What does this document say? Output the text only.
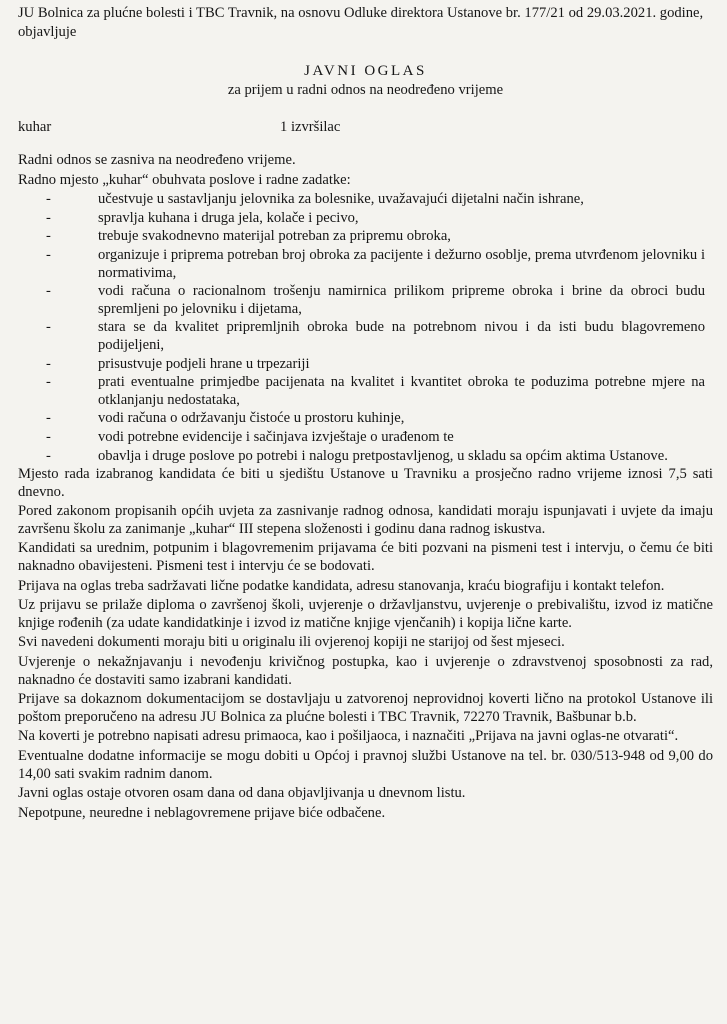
JU Bolnica za plućne bolesti i TBC Travnik, na osnovu Odluke direktora Ustanove br. 177/21 od 29.03.2021. godine, objavljuje

JAVNI OGLAS
za prijem u radni odnos na neodređeno vrijeme
kuhar	1 izvršilac

Radni odnos se zasniva na neodređeno vrijeme.

Radno mjesto „kuhar“ obuhvata poslove i radne zadatke:

-	učestvuje u sastavljanju jelovnika za bolesnike, uvažavajući dijetalni način ishrane,
-	spravlja kuhana i druga jela, kolače i pecivo,
-	trebuje svakodnevno materijal potreban za pripremu obroka,
-	organizuje i priprema potreban broj obroka za pacijente i dežurno osoblje, prema utvrđenom jelovniku i normativima,
-	vodi računa o racionalnom trošenju namirnica prilikom pripreme obroka i brine da obroci budu spremljeni po jelovniku i dijetama,
-	stara se da kvalitet pripremljnih obroka bude na potrebnom nivou i da isti budu blagovremeno podijeljeni,
-	prisustvuje podjeli hrane u trpezariji
-	prati eventualne primjedbe pacijenata na kvalitet i kvantitet obroka te poduzima potrebne mjere na otklanjanju nedostataka,
-	vodi računa o održavanju čistoće u prostoru kuhinje,
-	vodi potrebne evidencije i sačinjava izvještaje o urađenom te
-	obavlja i druge poslove po potrebi i nalogu pretpostavljenog, u skladu sa općim aktima Ustanove.

Mjesto rada izabranog kandidata će biti u sjedištu Ustanove u Travniku a prosječno radno vrijeme iznosi 7,5 sati dnevno.

Pored zakonom propisanih općih uvjeta za zasnivanje radnog odnosa, kandidati moraju ispunjavati i uvjete da imaju završenu školu za zanimanje „kuhar“ III stepena složenosti i godinu dana radnog iskustva.

Kandidati sa urednim, potpunim i blagovremenim prijavama će biti pozvani na pismeni test i intervju, o čemu će biti naknadno obavijesteni. Pismeni test i intervju će se bodovati.

Prijava na oglas treba sadržavati lične podatke kandidata, adresu stanovanja, kraću biografiju i kontakt telefon.

Uz prijavu se prilaže diploma o završenoj školi, uvjerenje o državljanstvu, uvjerenje o prebivalištu, izvod iz matične knjige rođenih (za udate kandidatkinje i izvod iz matične knjige vjenčanih) i kopija lične karte.

Svi navedeni dokumenti moraju biti u originalu ili ovjerenoj kopiji ne starijoj od šest mjeseci.

Uvjerenje o nekažnjavanju i nevođenju krivičnog postupka, kao i uvjerenje o zdravstvenoj sposobnosti za rad, naknadno će dostaviti samo izabrani kandidati.

Prijave sa dokaznom dokumentacijom se dostavljaju u zatvorenoj neprovidnoj koverti lično na protokol Ustanove ili poštom preporučeno na adresu JU Bolnica za plućne bolesti i TBC Travnik, 72270 Travnik, Bašbunar b.b.

Na koverti je potrebno napisati adresu primaoca, kao i pošiljaoca, i naznačiti „Prijava na javni oglas-ne otvarati“.

Eventualne dodatne informacije se mogu dobiti u Općoj i pravnoj službi Ustanove na tel. br. 030/513-948 od 9,00 do 14,00 sati svakim radnim danom.

Javni oglas ostaje otvoren osam dana od dana objavljivanja u dnevnom listu.

Nepotpune, neuredne i neblagovremene prijave biće odbačene.
